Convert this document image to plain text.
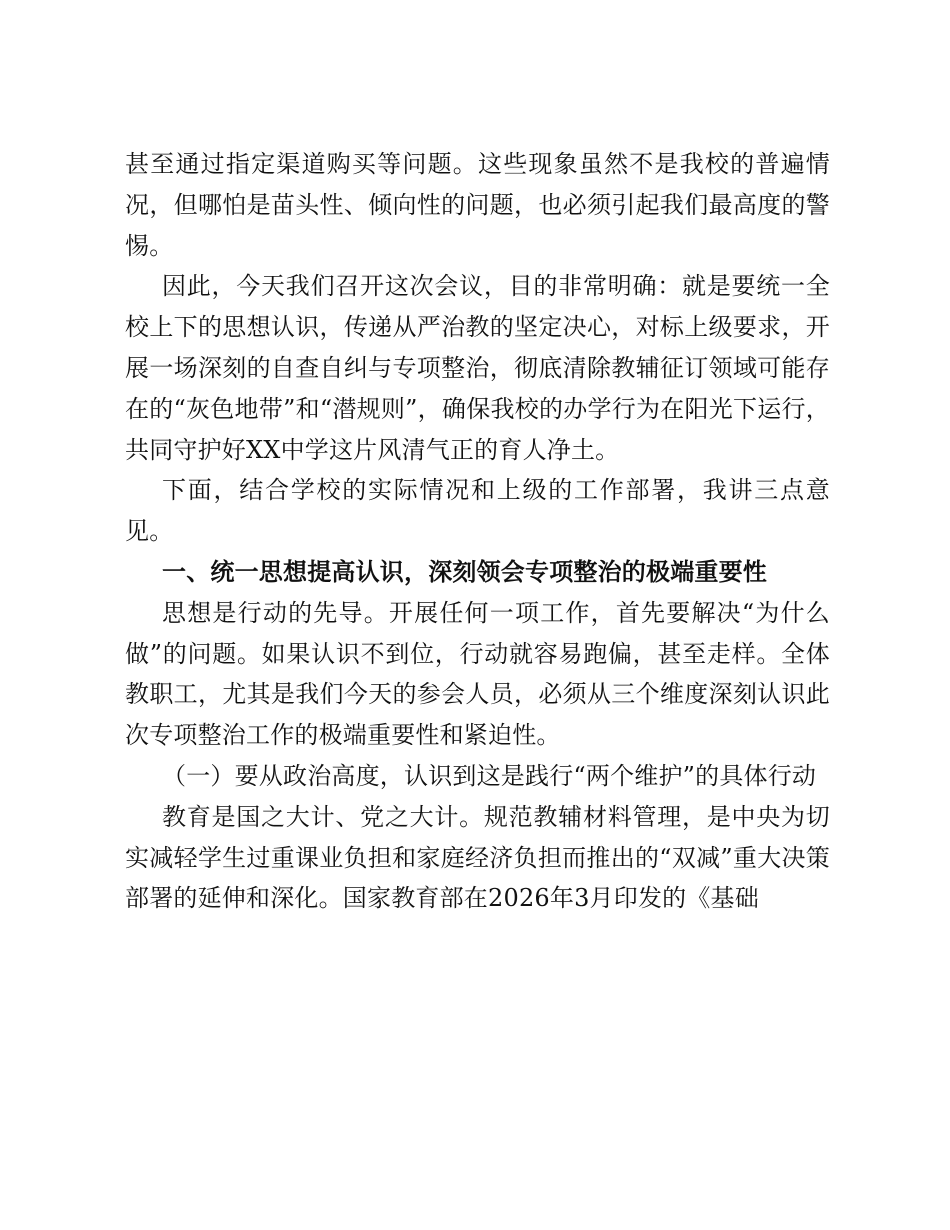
甚至通过指定渠道购买等问题。这些现象虽然不是我校的普遍情况，但哪怕是苗头性、倾向性的问题，也必须引起我们最高度的警惕。

因此，今天我们召开这次会议，目的非常明确：就是要统一全校上下的思想认识，传递从严治教的坚定决心，对标上级要求，开展一场深刻的自查自纠与专项整治，彻底清除教辅征订领域可能存在的“灰色地带”和“潜规则”，确保我校的办学行为在阳光下运行，共同守护好XX中学这片风清气正的育人净土。

下面，结合学校的实际情况和上级的工作部署，我讲三点意见。

一、统一思想提高认识，深刻领会专项整治的极端重要性

思想是行动的先导。开展任何一项工作，首先要解决“为什么做”的问题。如果认识不到位，行动就容易跑偏，甚至走样。全体教职工，尤其是我们今天的参会人员，必须从三个维度深刻认识此次专项整治工作的极端重要性和紧迫性。

（一）要从政治高度，认识到这是践行“两个维护”的具体行动

教育是国之大计、党之大计。规范教辅材料管理，是中央为切实减轻学生过重课业负担和家庭经济负担而推出的“双减”重大决策部署的延伸和深化。国家教育部在2026年3月印发的《基础
